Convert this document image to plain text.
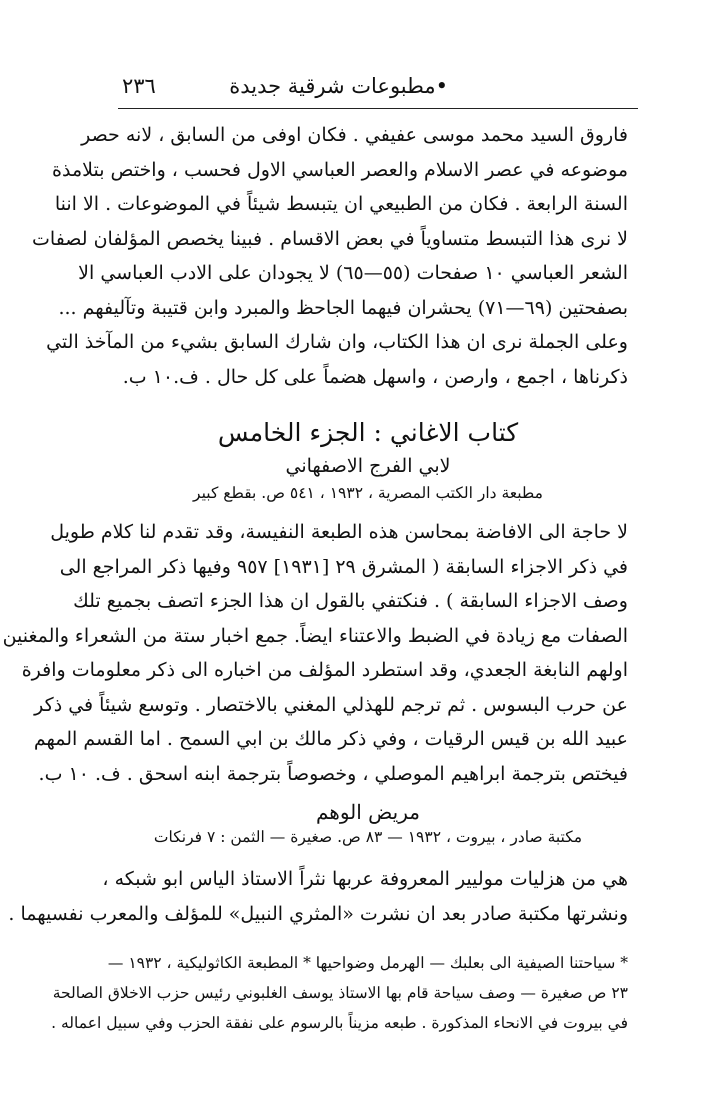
•مطبوعات شرقية جديدة
٢٣٦
فاروق السيد محمد موسى عفيفي . فكان اوفى من السابق ، لانه حصر
موضوعه في عصر الاسلام والعصر العباسي الاول فحسب ، واختص بتلامذة
السنة الرابعة . فكان من الطبيعي ان يتبسط شيئاً في الموضوعات . الا اننا
لا نرى هذا التبسط متساوياً في بعض الاقسام . فبينا يخصص المؤلفان لصفات
الشعر العباسي ١٠ صفحات (٥٥—٦٥) لا يجودان على الادب العباسي الا
بصفحتين (٦٩—٧١) يحشران فيهما الجاحظ والمبرد وابن قتيبة وتآليفهم ...
وعلى الجملة نرى ان هذا الكتاب، وان شارك السابق بشيء من المآخذ التي
ذكرناها ، اجمع ، وارصن ، واسهل هضماً على كل حال . ف.١٠ ب.
كتاب الاغاني : الجزء الخامس
لابي الفرج الاصفهاني
مطبعة دار الكتب المصرية ، ١٩٣٢ ، ٥٤١ ص. بقطع كبير
لا حاجة الى الافاضة بمحاسن هذه الطبعة النفيسة، وقد تقدم لنا كلام طويل
في ذكر الاجزاء السابقة ( المشرق ٢٩ [١٩٣١] ٩٥٧ وفيها ذكر المراجع الى
وصف الاجزاء السابقة ) . فنكتفي بالقول ان هذا الجزء اتصف بجميع تلك
الصفات مع زيادة في الضبط والاعتناء ايضاً. جمع اخبار ستة من الشعراء والمغنين
اولهم النابغة الجعدي، وقد استطرد المؤلف من اخباره الى ذكر معلومات وافرة
عن حرب البسوس . ثم ترجم للهذلي المغني بالاختصار . وتوسع شيئاً في ذكر
عبيد الله بن قيس الرقيات ، وفي ذكر مالك بن ابي السمح . اما القسم المهم
فيختص بترجمة ابراهيم الموصلي ، وخصوصاً بترجمة ابنه اسحق . ف. ١٠ ب.
مريض الوهم
مكتبة صادر ، بيروت ، ١٩٣٢ — ٨٣ ص. صغيرة — الثمن : ٧ فرنكات
هي من هزليات موليير المعروفة عربها نثراً الاستاذ الياس ابو شبكه ،
ونشرتها مكتبة صادر بعد ان نشرت «المثري النبيل» للمؤلف والمعرب نفسيهما .
* سياحتنا الصيفية الى بعلبك — الهرمل وضواحيها * المطبعة الكاثوليكية ، ١٩٣٢ —
٢٣ ص صغيرة — وصف سياحة قام بها الاستاذ يوسف الغلبوني رئيس حزب الاخلاق الصالحة
في بيروت في الانحاء المذكورة . طبعه مزيناً بالرسوم على نفقة الحزب وفي سبيل اعماله .
